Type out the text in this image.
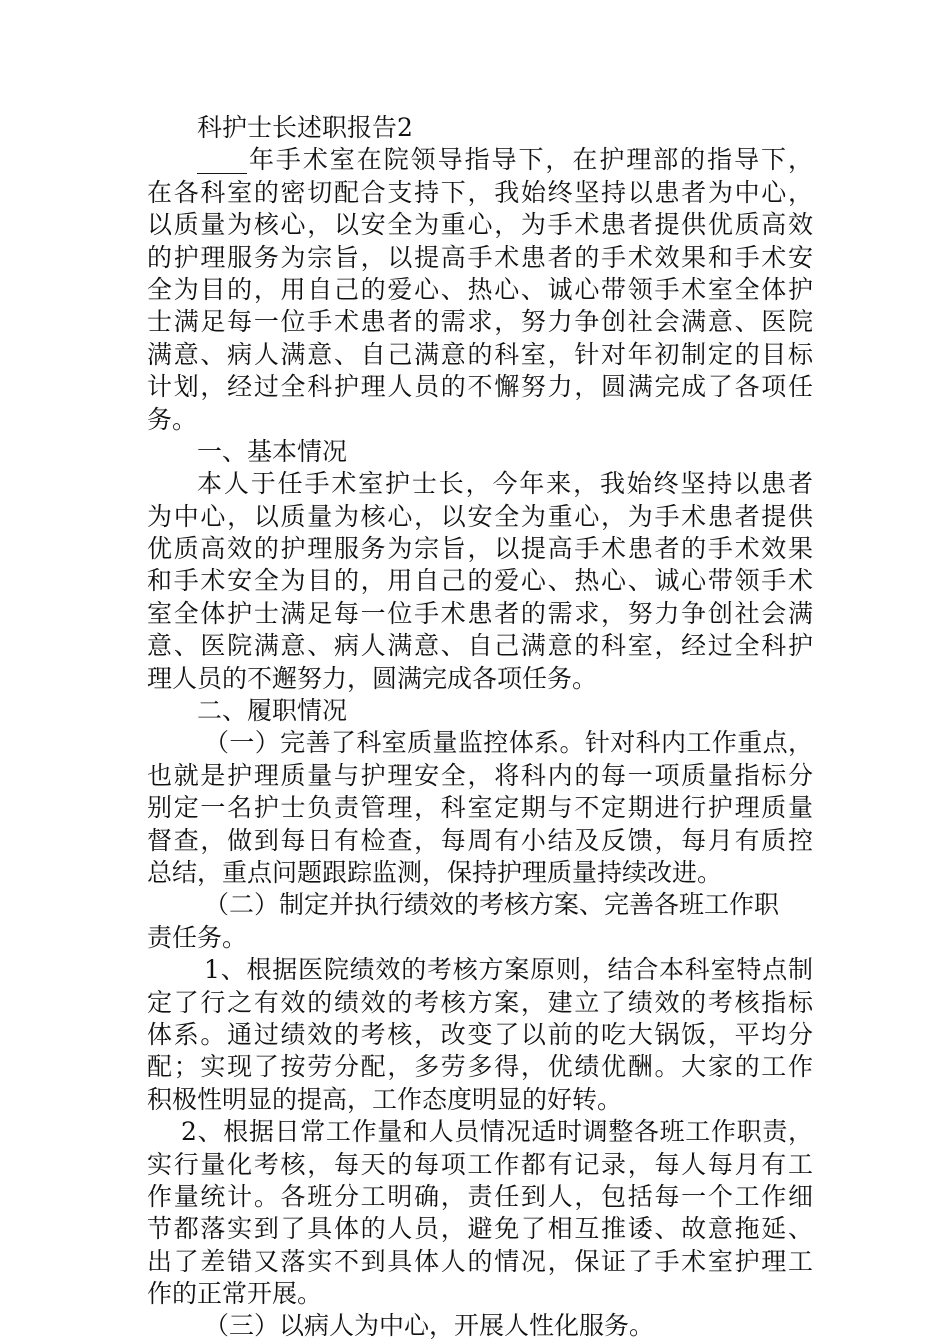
科护士长述职报告2
____年手术室在院领导指导下，在护理部的指导下，
在各科室的密切配合支持下，我始终坚持以患者为中心，
以质量为核心，以安全为重心，为手术患者提供优质高效
的护理服务为宗旨，以提高手术患者的手术效果和手术安
全为目的，用自己的爱心、热心、诚心带领手术室全体护
士满足每一位手术患者的需求，努力争创社会满意、医院
满意、病人满意、自己满意的科室，针对年初制定的目标
计划，经过全科护理人员的不懈努力，圆满完成了各项任
务。
一、基本情况
本人于任手术室护士长，今年来，我始终坚持以患者
为中心，以质量为核心，以安全为重心，为手术患者提供
优质高效的护理服务为宗旨，以提高手术患者的手术效果
和手术安全为目的，用自己的爱心、热心、诚心带领手术
室全体护士满足每一位手术患者的需求，努力争创社会满
意、医院满意、病人满意、自己满意的科室，经过全科护
理人员的不邂努力，圆满完成各项任务。
二、履职情况
（一）完善了科室质量监控体系。针对科内工作重点，
也就是护理质量与护理安全，将科内的每一项质量指标分
别定一名护士负责管理，科室定期与不定期进行护理质量
督查，做到每日有检查，每周有小结及反馈，每月有质控
总结，重点问题跟踪监测，保持护理质量持续改进。
（二）制定并执行绩效的考核方案、完善各班工作职
责任务。
1、根据医院绩效的考核方案原则，结合本科室特点制
定了行之有效的绩效的考核方案，建立了绩效的考核指标
体系。通过绩效的考核，改变了以前的吃大锅饭，平均分
配；实现了按劳分配，多劳多得，优绩优酬。大家的工作
积极性明显的提高，工作态度明显的好转。
2、根据日常工作量和人员情况适时调整各班工作职责，
实行量化考核，每天的每项工作都有记录，每人每月有工
作量统计。各班分工明确，责任到人，包括每一个工作细
节都落实到了具体的人员，避免了相互推诿、故意拖延、
出了差错又落实不到具体人的情况，保证了手术室护理工
作的正常开展。
（三）以病人为中心，开展人性化服务。
